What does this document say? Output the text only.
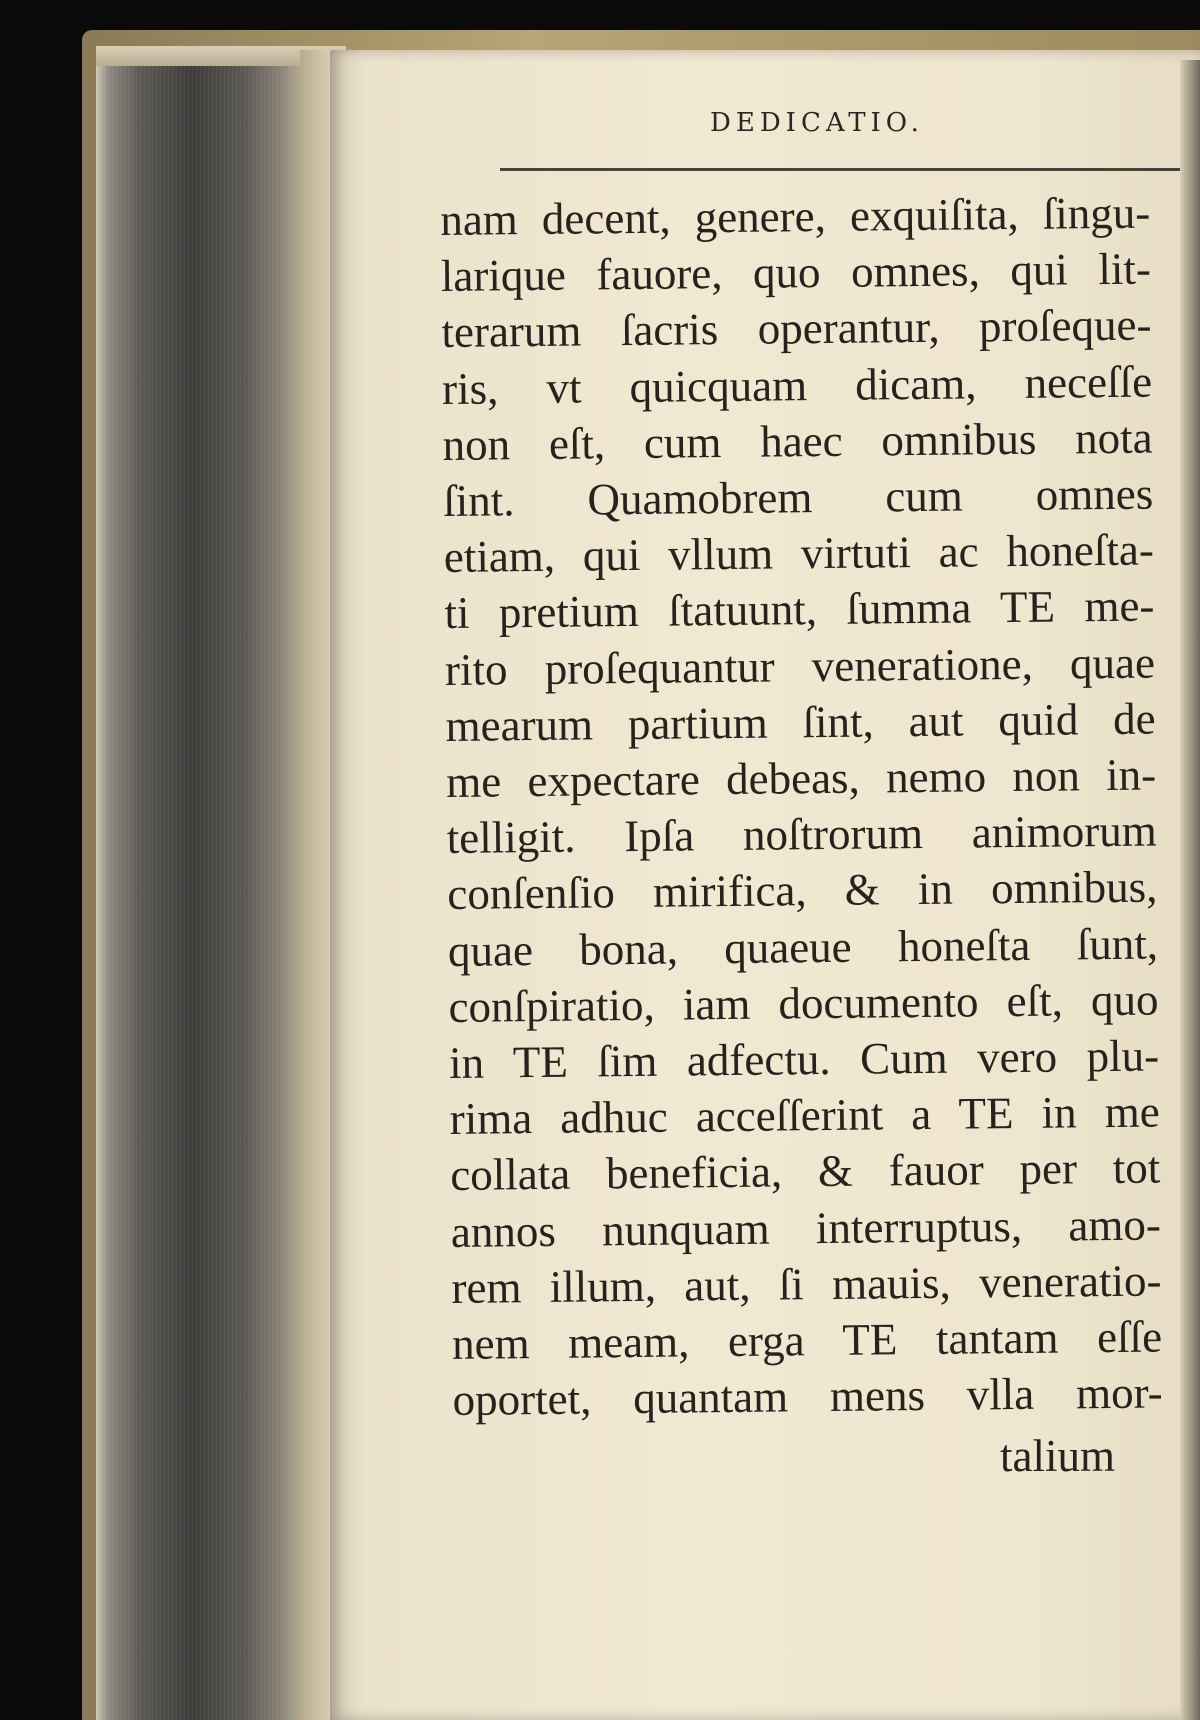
DEDICATIO.
nam decent, genere, exquiſita, ſingu-
larique fauore, quo omnes, qui lit-
terarum ſacris operantur, proſeque-
ris, vt quicquam dicam, neceſſe
non eſt, cum haec omnibus nota
ſint. Quamobrem cum omnes
etiam, qui vllum virtuti ac honeſta-
ti pretium ſtatuunt, ſumma TE me-
rito proſequantur veneratione, quae
mearum partium ſint, aut quid de
me expectare debeas, nemo non in-
telligit. Ipſa noſtrorum animorum
conſenſio mirifica, & in omnibus,
quae bona, quaeue honeſta ſunt,
conſpiratio, iam documento eſt, quo
in TE ſim adfectu. Cum vero plu-
rima adhuc acceſſerint a TE in me
collata beneficia, & fauor per tot
annos nunquam interruptus, amo-
rem illum, aut, ſi mauis, veneratio-
nem meam, erga TE tantam eſſe
oportet, quantam mens vlla mor-
talium
